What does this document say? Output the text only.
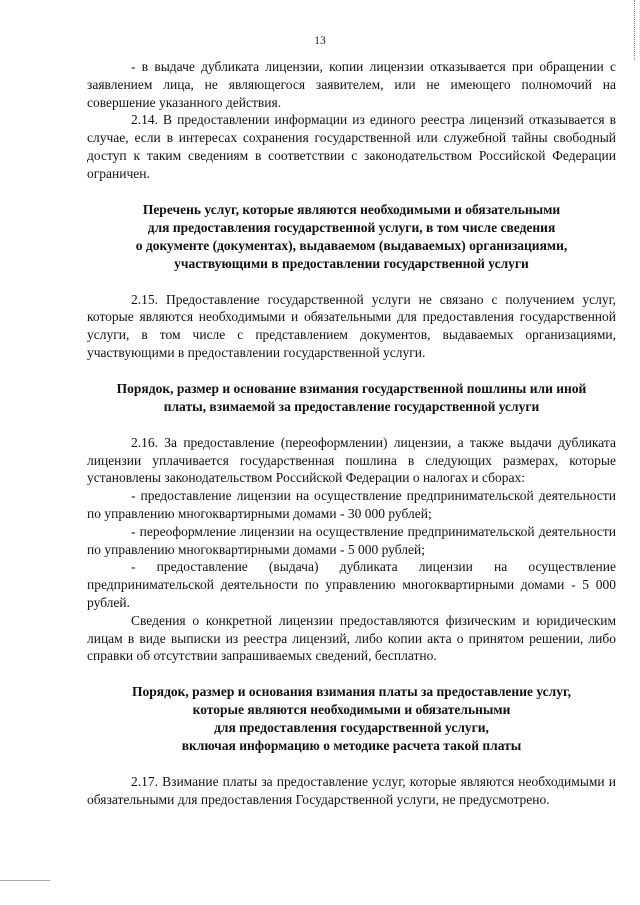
13

- в выдаче дубликата лицензии, копии лицензии отказывается при обращении с заявлением лица, не являющегося заявителем, или не имеющего полномочий на совершение указанного действия.

2.14. В предоставлении информации из единого реестра лицензий отказывается в случае, если в интересах сохранения государственной или служебной тайны свободный доступ к таким сведениям в соответствии с законодательством Российской Федерации ограничен.

Перечень услуг, которые являются необходимыми и обязательными
для предоставления государственной услуги, в том числе сведения
о документе (документах), выдаваемом (выдаваемых) организациями,
участвующими в предоставлении государственной услуги

2.15. Предоставление государственной услуги не связано с получением услуг, которые являются необходимыми и обязательными для предоставления государственной услуги, в том числе с представлением документов, выдаваемых организациями, участвующими в предоставлении государственной услуги.

Порядок, размер и основание взимания государственной пошлины или иной
платы, взимаемой за предоставление государственной услуги

2.16. За предоставление (переоформлении) лицензии, а также выдачи дубликата лицензии уплачивается государственная пошлина в следующих размерах, которые установлены законодательством Российской Федерации о налогах и сборах:

- предоставление лицензии на осуществление предпринимательской деятельности по управлению многоквартирными домами - 30 000 рублей;

- переоформление лицензии на осуществление предпринимательской деятельности по управлению многоквартирными домами - 5 000 рублей;

- предоставление (выдача) дубликата лицензии на осуществление предпринимательской деятельности по управлению многоквартирными домами - 5 000 рублей.

Сведения о конкретной лицензии предоставляются физическим и юридическим лицам в виде выписки из реестра лицензий, либо копии акта о принятом решении, либо справки об отсутствии запрашиваемых сведений, бесплатно.

Порядок, размер и основания взимания платы за предоставление услуг,
которые являются необходимыми и обязательными
для предоставления государственной услуги,
включая информацию о методике расчета такой платы

2.17. Взимание платы за предоставление услуг, которые являются необходимыми и обязательными для предоставления Государственной услуги, не предусмотрено.
